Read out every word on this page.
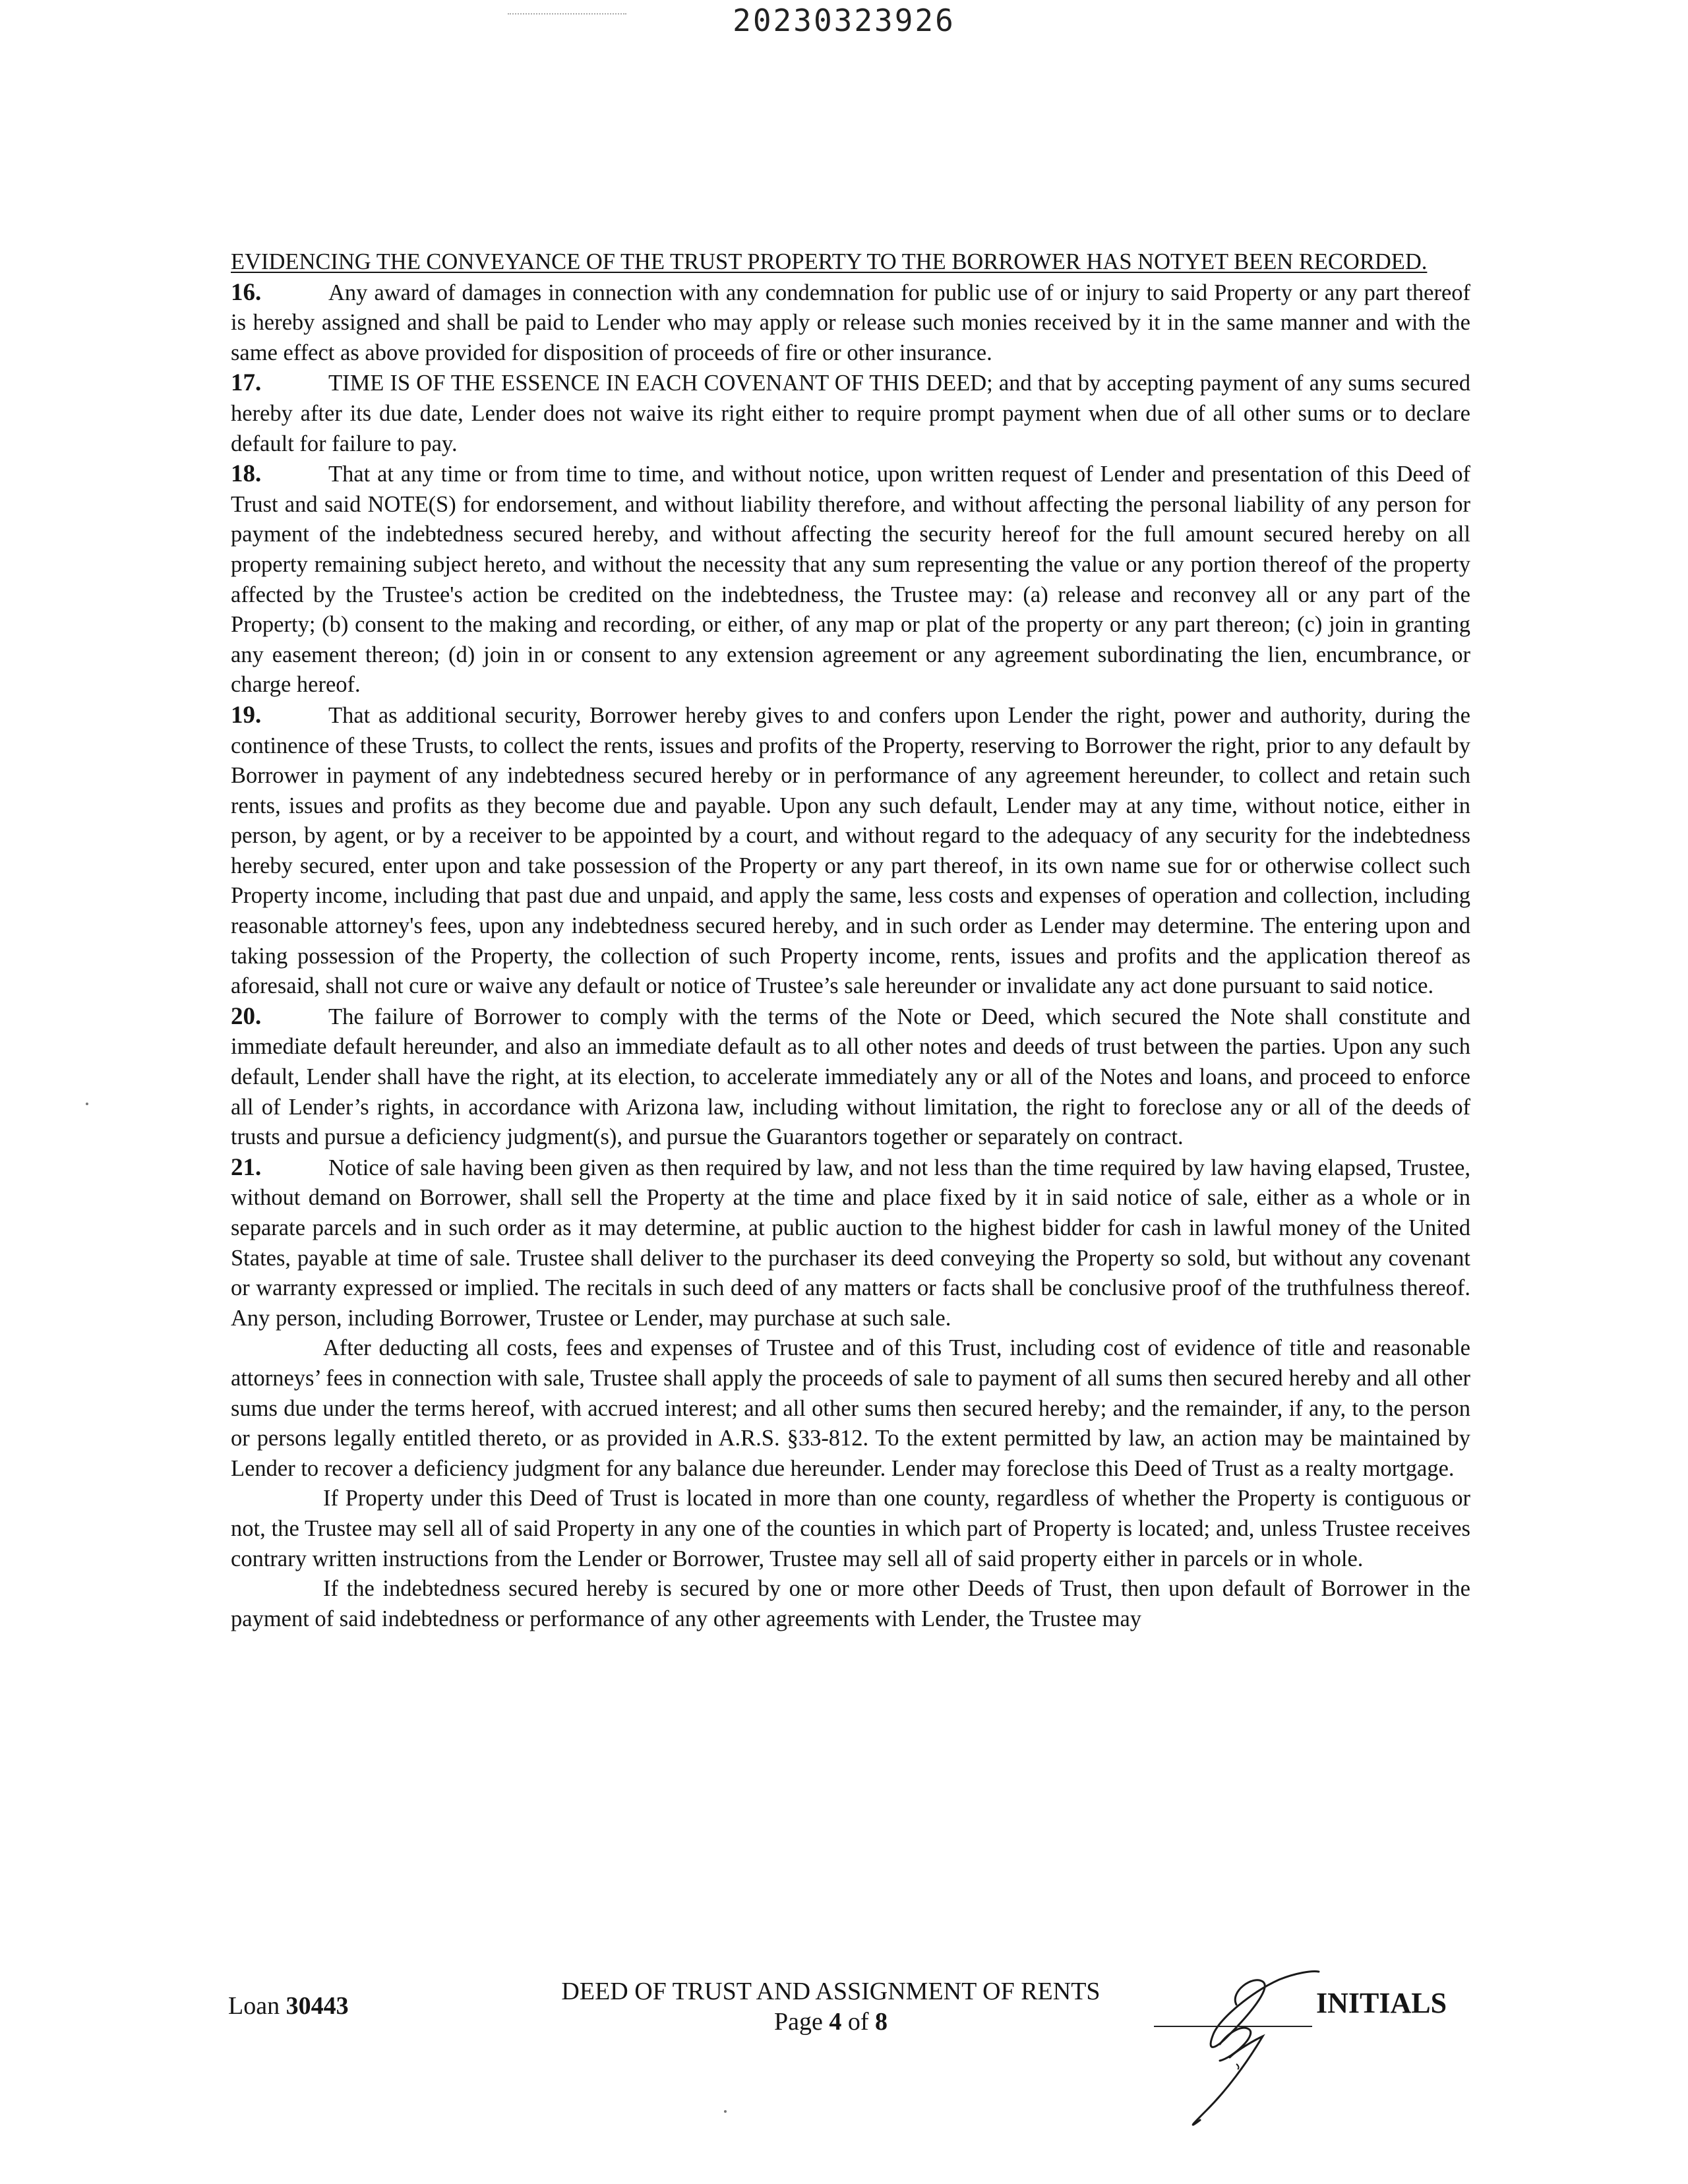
20230323926

EVIDENCING THE CONVEYANCE OF THE TRUST PROPERTY TO THE BORROWER HAS NOTYET BEEN RECORDED.

16.	Any award of damages in connection with any condemnation for public use of or injury to said Property or any part thereof is hereby assigned and shall be paid to Lender who may apply or release such monies received by it in the same manner and with the same effect as above provided for disposition of proceeds of fire or other insurance.

17.	TIME IS OF THE ESSENCE IN EACH COVENANT OF THIS DEED; and that by accepting payment of any sums secured hereby after its due date, Lender does not waive its right either to require prompt payment when due of all other sums or to declare default for failure to pay.

18.	That at any time or from time to time, and without notice, upon written request of Lender and presentation of this Deed of Trust and said NOTE(S) for endorsement, and without liability therefore, and without affecting the personal liability of any person for payment of the indebtedness secured hereby, and without affecting the security hereof for the full amount secured hereby on all property remaining subject hereto, and without the necessity that any sum representing the value or any portion thereof of the property affected by the Trustee's action be credited on the indebtedness, the Trustee may: (a) release and reconvey all or any part of the Property; (b) consent to the making and recording, or either, of any map or plat of the property or any part thereon; (c) join in granting any easement thereon; (d) join in or consent to any extension agreement or any agreement subordinating the lien, encumbrance, or charge hereof.

19.	That as additional security, Borrower hereby gives to and confers upon Lender the right, power and authority, during the continence of these Trusts, to collect the rents, issues and profits of the Property, reserving to Borrower the right, prior to any default by Borrower in payment of any indebtedness secured hereby or in performance of any agreement hereunder, to collect and retain such rents, issues and profits as they become due and payable. Upon any such default, Lender may at any time, without notice, either in person, by agent, or by a receiver to be appointed by a court, and without regard to the adequacy of any security for the indebtedness hereby secured, enter upon and take possession of the Property or any part thereof, in its own name sue for or otherwise collect such Property income, including that past due and unpaid, and apply the same, less costs and expenses of operation and collection, including reasonable attorney's fees, upon any indebtedness secured hereby, and in such order as Lender may determine. The entering upon and taking possession of the Property, the collection of such Property income, rents, issues and profits and the application thereof as aforesaid, shall not cure or waive any default or notice of Trustee’s sale hereunder or invalidate any act done pursuant to said notice.

20.	The failure of Borrower to comply with the terms of the Note or Deed, which secured the Note shall constitute and immediate default hereunder, and also an immediate default as to all other notes and deeds of trust between the parties. Upon any such default, Lender shall have the right, at its election, to accelerate immediately any or all of the Notes and loans, and proceed to enforce all of Lender’s rights, in accordance with Arizona law, including without limitation, the right to foreclose any or all of the deeds of trusts and pursue a deficiency judgment(s), and pursue the Guarantors together or separately on contract.

21.	Notice of sale having been given as then required by law, and not less than the time required by law having elapsed, Trustee, without demand on Borrower, shall sell the Property at the time and place fixed by it in said notice of sale, either as a whole or in separate parcels and in such order as it may determine, at public auction to the highest bidder for cash in lawful money of the United States, payable at time of sale. Trustee shall deliver to the purchaser its deed conveying the Property so sold, but without any covenant or warranty expressed or implied. The recitals in such deed of any matters or facts shall be conclusive proof of the truthfulness thereof. Any person, including Borrower, Trustee or Lender, may purchase at such sale.

After deducting all costs, fees and expenses of Trustee and of this Trust, including cost of evidence of title and reasonable attorneys’ fees in connection with sale, Trustee shall apply the proceeds of sale to payment of all sums then secured hereby and all other sums due under the terms hereof, with accrued interest; and all other sums then secured hereby; and the remainder, if any, to the person or persons legally entitled thereto, or as provided in A.R.S. §33-812. To the extent permitted by law, an action may be maintained by Lender to recover a deficiency judgment for any balance due hereunder. Lender may foreclose this Deed of Trust as a realty mortgage.

If Property under this Deed of Trust is located in more than one county, regardless of whether the Property is contiguous or not, the Trustee may sell all of said Property in any one of the counties in which part of Property is located; and, unless Trustee receives contrary written instructions from the Lender or Borrower, Trustee may sell all of said property either in parcels or in whole.

If the indebtedness secured hereby is secured by one or more other Deeds of Trust, then upon default of Borrower in the payment of said indebtedness or performance of any other agreements with Lender, the Trustee may

Loan 30443
DEED OF TRUST AND ASSIGNMENT OF RENTS
Page 4 of 8
INITIALS
